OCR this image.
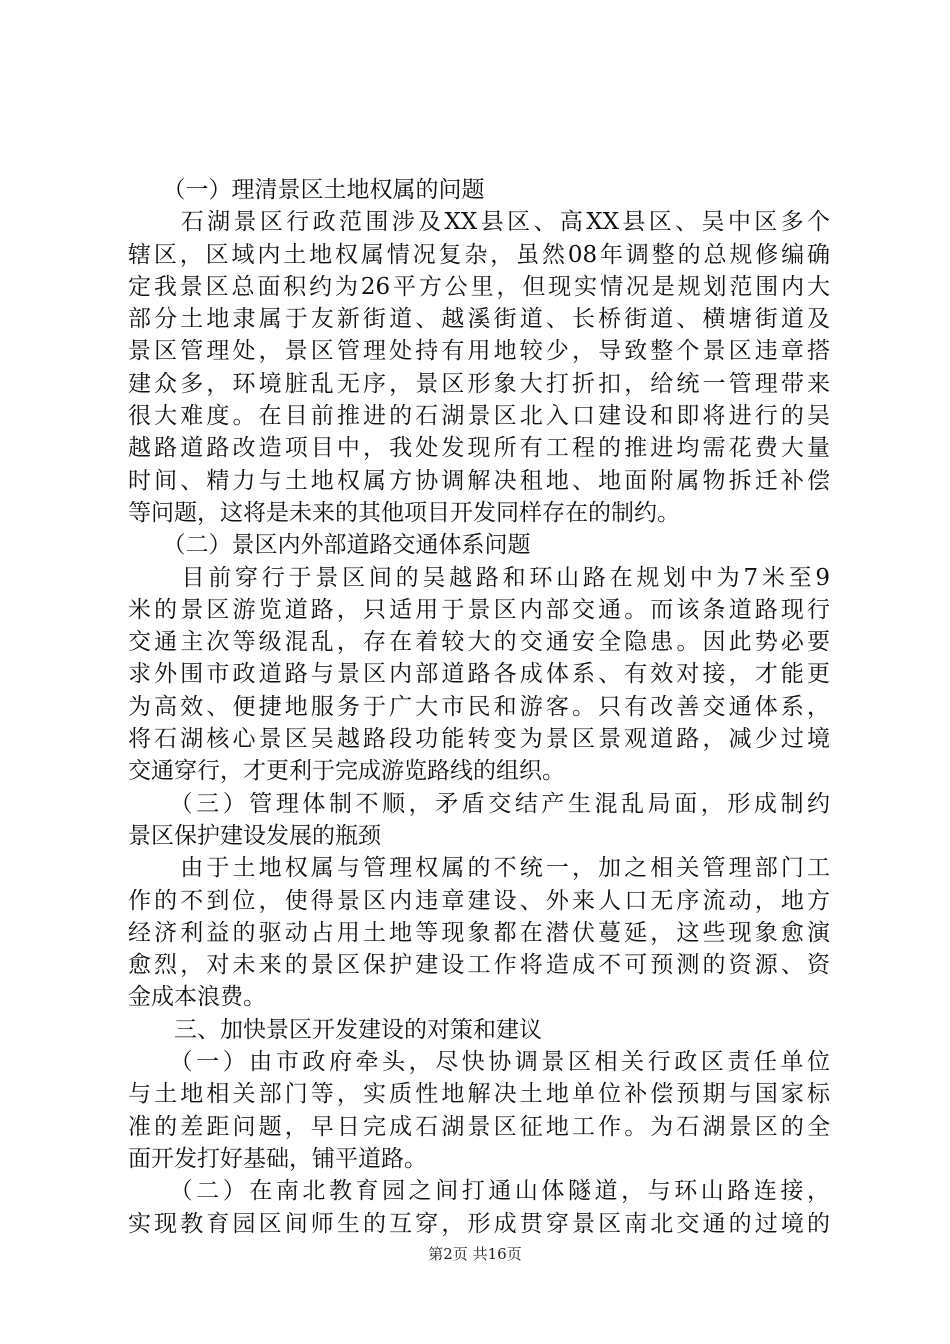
　　（一）理清景区土地权属的问题
　　石湖景区行政范围涉及XX县区、高XX县区、吴中区多个
辖区，区域内土地权属情况复杂，虽然08年调整的总规修编确
定我景区总面积约为26平方公里，但现实情况是规划范围内大
部分土地隶属于友新街道、越溪街道、长桥街道、横塘街道及
景区管理处，景区管理处持有用地较少，导致整个景区违章搭
建众多，环境脏乱无序，景区形象大打折扣，给统一管理带来
很大难度。在目前推进的石湖景区北入口建设和即将进行的吴
越路道路改造项目中，我处发现所有工程的推进均需花费大量
时间、精力与土地权属方协调解决租地、地面附属物拆迁补偿
等问题，这将是未来的其他项目开发同样存在的制约。
　　（二）景区内外部道路交通体系问题
　　目前穿行于景区间的吴越路和环山路在规划中为7米至9
米的景区游览道路，只适用于景区内部交通。而该条道路现行
交通主次等级混乱，存在着较大的交通安全隐患。因此势必要
求外围市政道路与景区内部道路各成体系、有效对接，才能更
为高效、便捷地服务于广大市民和游客。只有改善交通体系，
将石湖核心景区吴越路段功能转变为景区景观道路，减少过境
交通穿行，才更利于完成游览路线的组织。
　　（三）管理体制不顺，矛盾交结产生混乱局面，形成制约
景区保护建设发展的瓶颈
　　由于土地权属与管理权属的不统一，加之相关管理部门工
作的不到位，使得景区内违章建设、外来人口无序流动，地方
经济利益的驱动占用土地等现象都在潜伏蔓延，这些现象愈演
愈烈，对未来的景区保护建设工作将造成不可预测的资源、资
金成本浪费。
　　三、加快景区开发建设的对策和建议
　　（一）由市政府牵头，尽快协调景区相关行政区责任单位
与土地相关部门等，实质性地解决土地单位补偿预期与国家标
准的差距问题，早日完成石湖景区征地工作。为石湖景区的全
面开发打好基础，铺平道路。
　　（二）在南北教育园之间打通山体隧道，与环山路连接，
实现教育园区间师生的互穿，形成贯穿景区南北交通的过境的
第2页 共16页
